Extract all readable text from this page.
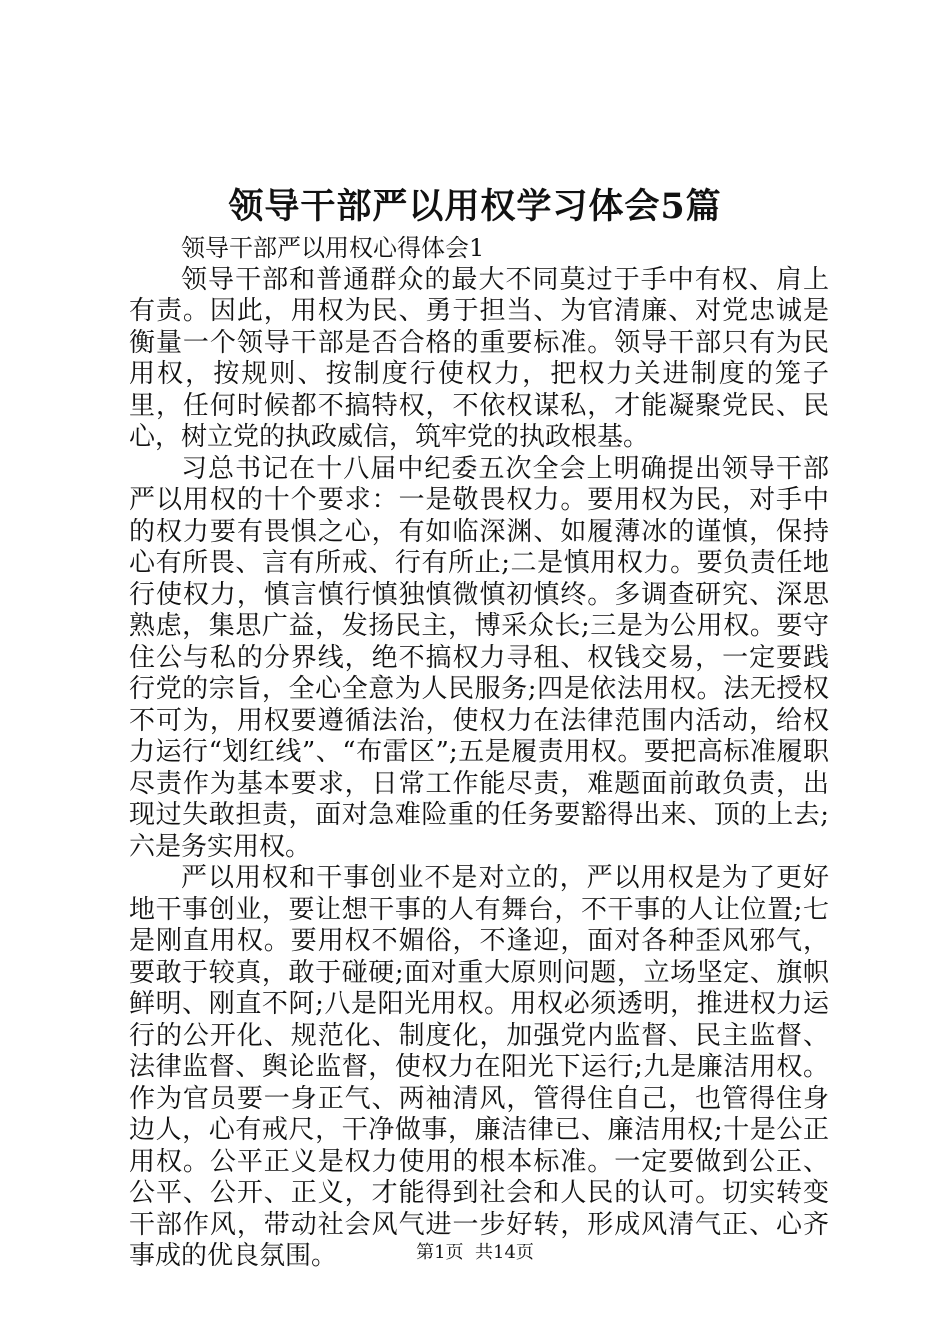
领导干部严以用权学习体会5篇

领导干部严以用权心得体会1

领导干部和普通群众的最大不同莫过于手中有权、肩上有责。因此，用权为民、勇于担当、为官清廉、对党忠诚是衡量一个领导干部是否合格的重要标准。领导干部只有为民用权，按规则、按制度行使权力，把权力关进制度的笼子里，任何时候都不搞特权，不依权谋私，才能凝聚党民、民心，树立党的执政威信，筑牢党的执政根基。

习总书记在十八届中纪委五次全会上明确提出领导干部严以用权的十个要求：一是敬畏权力。要用权为民，对手中的权力要有畏惧之心，有如临深渊、如履薄冰的谨慎，保持心有所畏、言有所戒、行有所止;二是慎用权力。要负责任地行使权力，慎言慎行慎独慎微慎初慎终。多调查研究、深思熟虑，集思广益，发扬民主，博采众长;三是为公用权。要守住公与私的分界线，绝不搞权力寻租、权钱交易，一定要践行党的宗旨，全心全意为人民服务;四是依法用权。法无授权不可为，用权要遵循法治，使权力在法律范围内活动，给权力运行“划红线”、“布雷区”;五是履责用权。要把高标准履职尽责作为基本要求，日常工作能尽责，难题面前敢负责，出现过失敢担责，面对急难险重的任务要豁得出来、顶的上去;六是务实用权。

严以用权和干事创业不是对立的，严以用权是为了更好地干事创业，要让想干事的人有舞台，不干事的人让位置;七是刚直用权。要用权不媚俗，不逢迎，面对各种歪风邪气，要敢于较真，敢于碰硬;面对重大原则问题，立场坚定、旗帜鲜明、刚直不阿;八是阳光用权。用权必须透明，推进权力运行的公开化、规范化、制度化，加强党内监督、民主监督、法律监督、舆论监督，使权力在阳光下运行;九是廉洁用权。作为官员要一身正气、两袖清风，管得住自己，也管得住身边人，心有戒尺，干净做事，廉洁律已、廉洁用权;十是公正用权。公平正义是权力使用的根本标准。一定要做到公正、公平、公开、正义，才能得到社会和人民的认可。切实转变干部作风，带动社会风气进一步好转，形成风清气正、心齐事成的优良氛围。	第1页  共14页
